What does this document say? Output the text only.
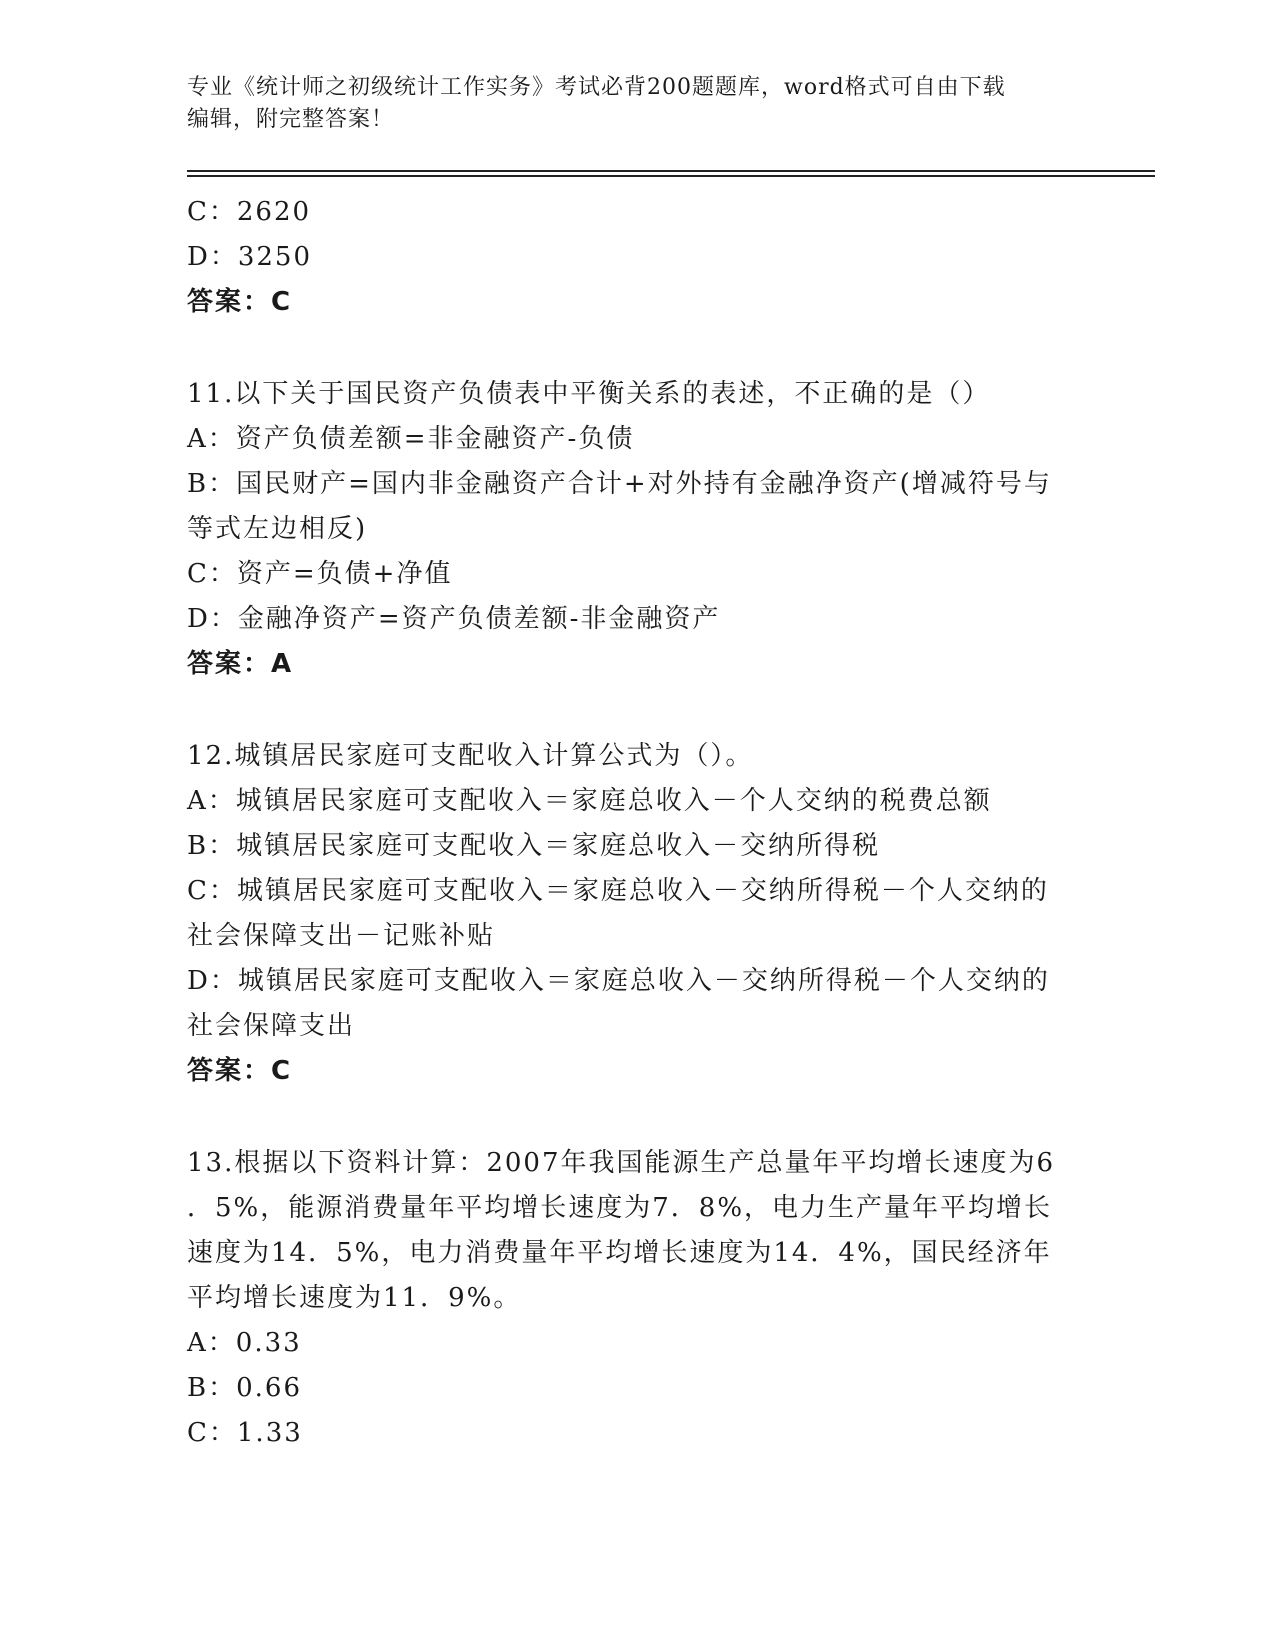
专业《统计师之初级统计工作实务》考试必背200题题库，word格式可自由下载
编辑，附完整答案！
C：2620
D：3250
答案：C
11.以下关于国民资产负债表中平衡关系的表述，不正确的是（）
A：资产负债差额=非金融资产-负债
B：国民财产=国内非金融资产合计+对外持有金融净资产(增减符号与
等式左边相反)
C：资产=负债+净值
D：金融净资产=资产负债差额-非金融资产
答案：A
12.城镇居民家庭可支配收入计算公式为（）。
A：城镇居民家庭可支配收入＝家庭总收入－个人交纳的税费总额
B：城镇居民家庭可支配收入＝家庭总收入－交纳所得税
C：城镇居民家庭可支配收入＝家庭总收入－交纳所得税－个人交纳的
社会保障支出－记账补贴
D：城镇居民家庭可支配收入＝家庭总收入－交纳所得税－个人交纳的
社会保障支出
答案：C
13.根据以下资料计算：2007年我国能源生产总量年平均增长速度为6
．5%，能源消费量年平均增长速度为7．8%，电力生产量年平均增长
速度为14．5%，电力消费量年平均增长速度为14．4%，国民经济年
平均增长速度为11．9%。
A：0.33
B：0.66
C：1.33
